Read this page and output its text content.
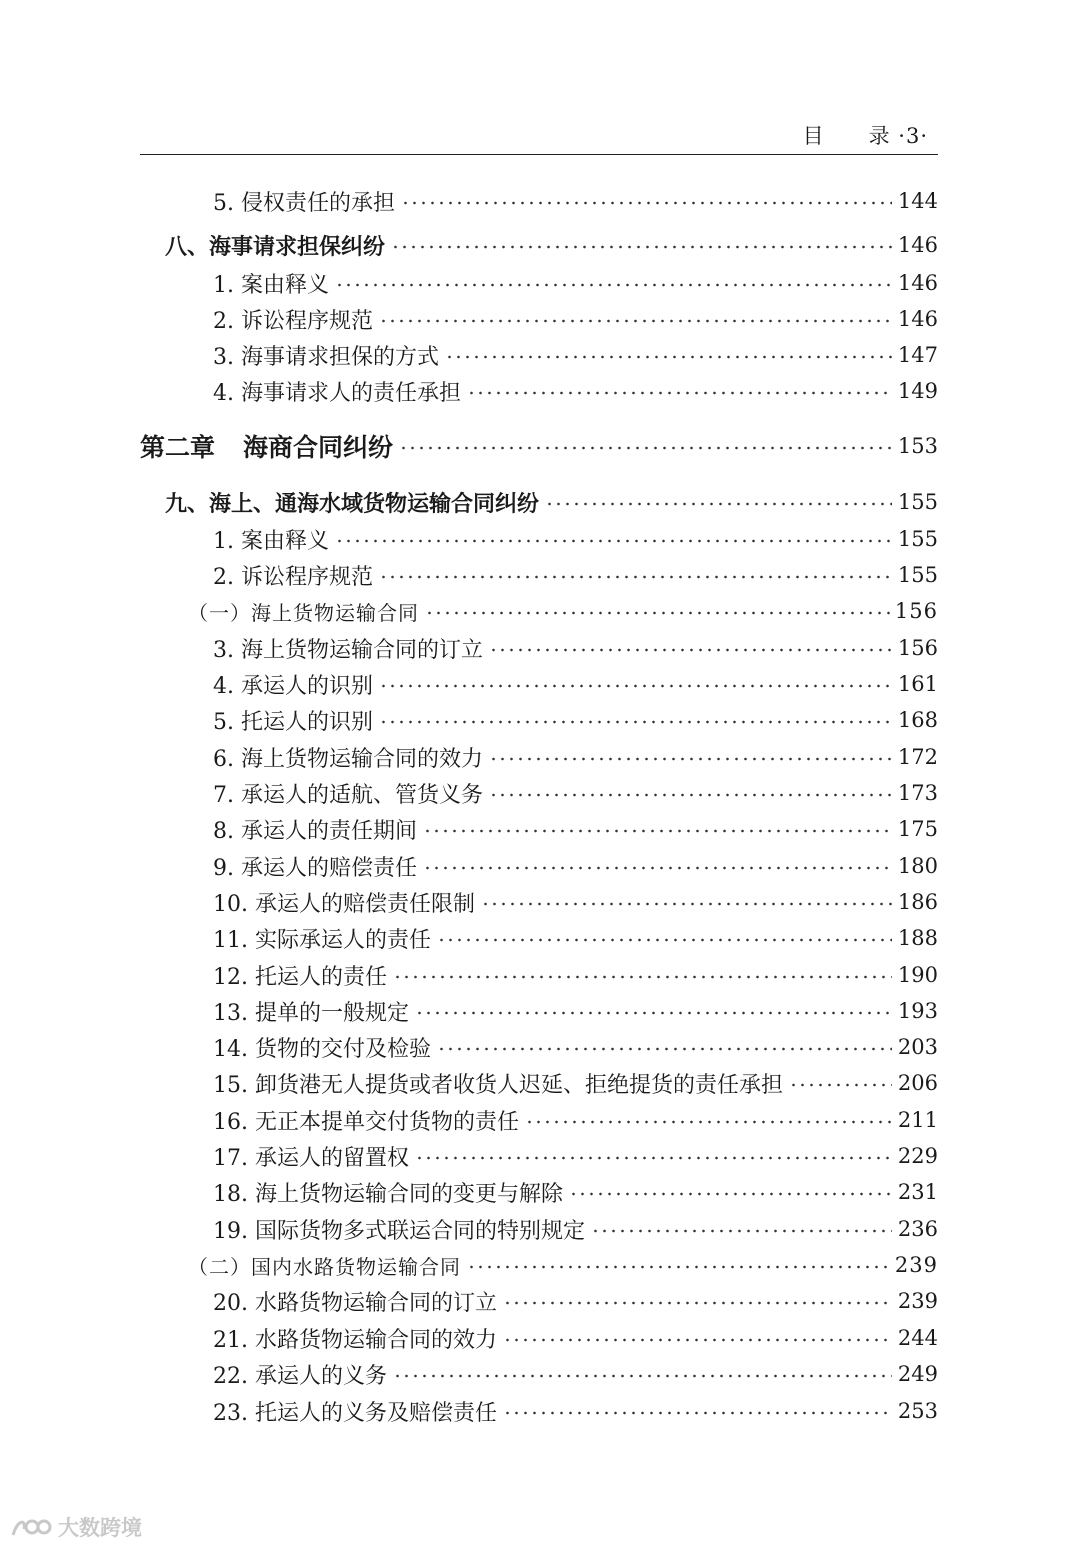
目 录 ·3·
5. 侵权责任的承担	144
八、海事请求担保纠纷	146
1. 案由释义	146
2. 诉讼程序规范	146
3. 海事请求担保的方式	147
4. 海事请求人的责任承担	149
第二章 海商合同纠纷	153
九、海上、通海水域货物运输合同纠纷	155
1. 案由释义	155
2. 诉讼程序规范	155
（一）海上货物运输合同	156
3. 海上货物运输合同的订立	156
4. 承运人的识别	161
5. 托运人的识别	168
6. 海上货物运输合同的效力	172
7. 承运人的适航、管货义务	173
8. 承运人的责任期间	175
9. 承运人的赔偿责任	180
10. 承运人的赔偿责任限制	186
11. 实际承运人的责任	188
12. 托运人的责任	190
13. 提单的一般规定	193
14. 货物的交付及检验	203
15. 卸货港无人提货或者收货人迟延、拒绝提货的责任承担	206
16. 无正本提单交付货物的责任	211
17. 承运人的留置权	229
18. 海上货物运输合同的变更与解除	231
19. 国际货物多式联运合同的特别规定	236
（二）国内水路货物运输合同	239
20. 水路货物运输合同的订立	239
21. 水路货物运输合同的效力	244
22. 承运人的义务	249
23. 托运人的义务及赔偿责任	253
大数跨境
